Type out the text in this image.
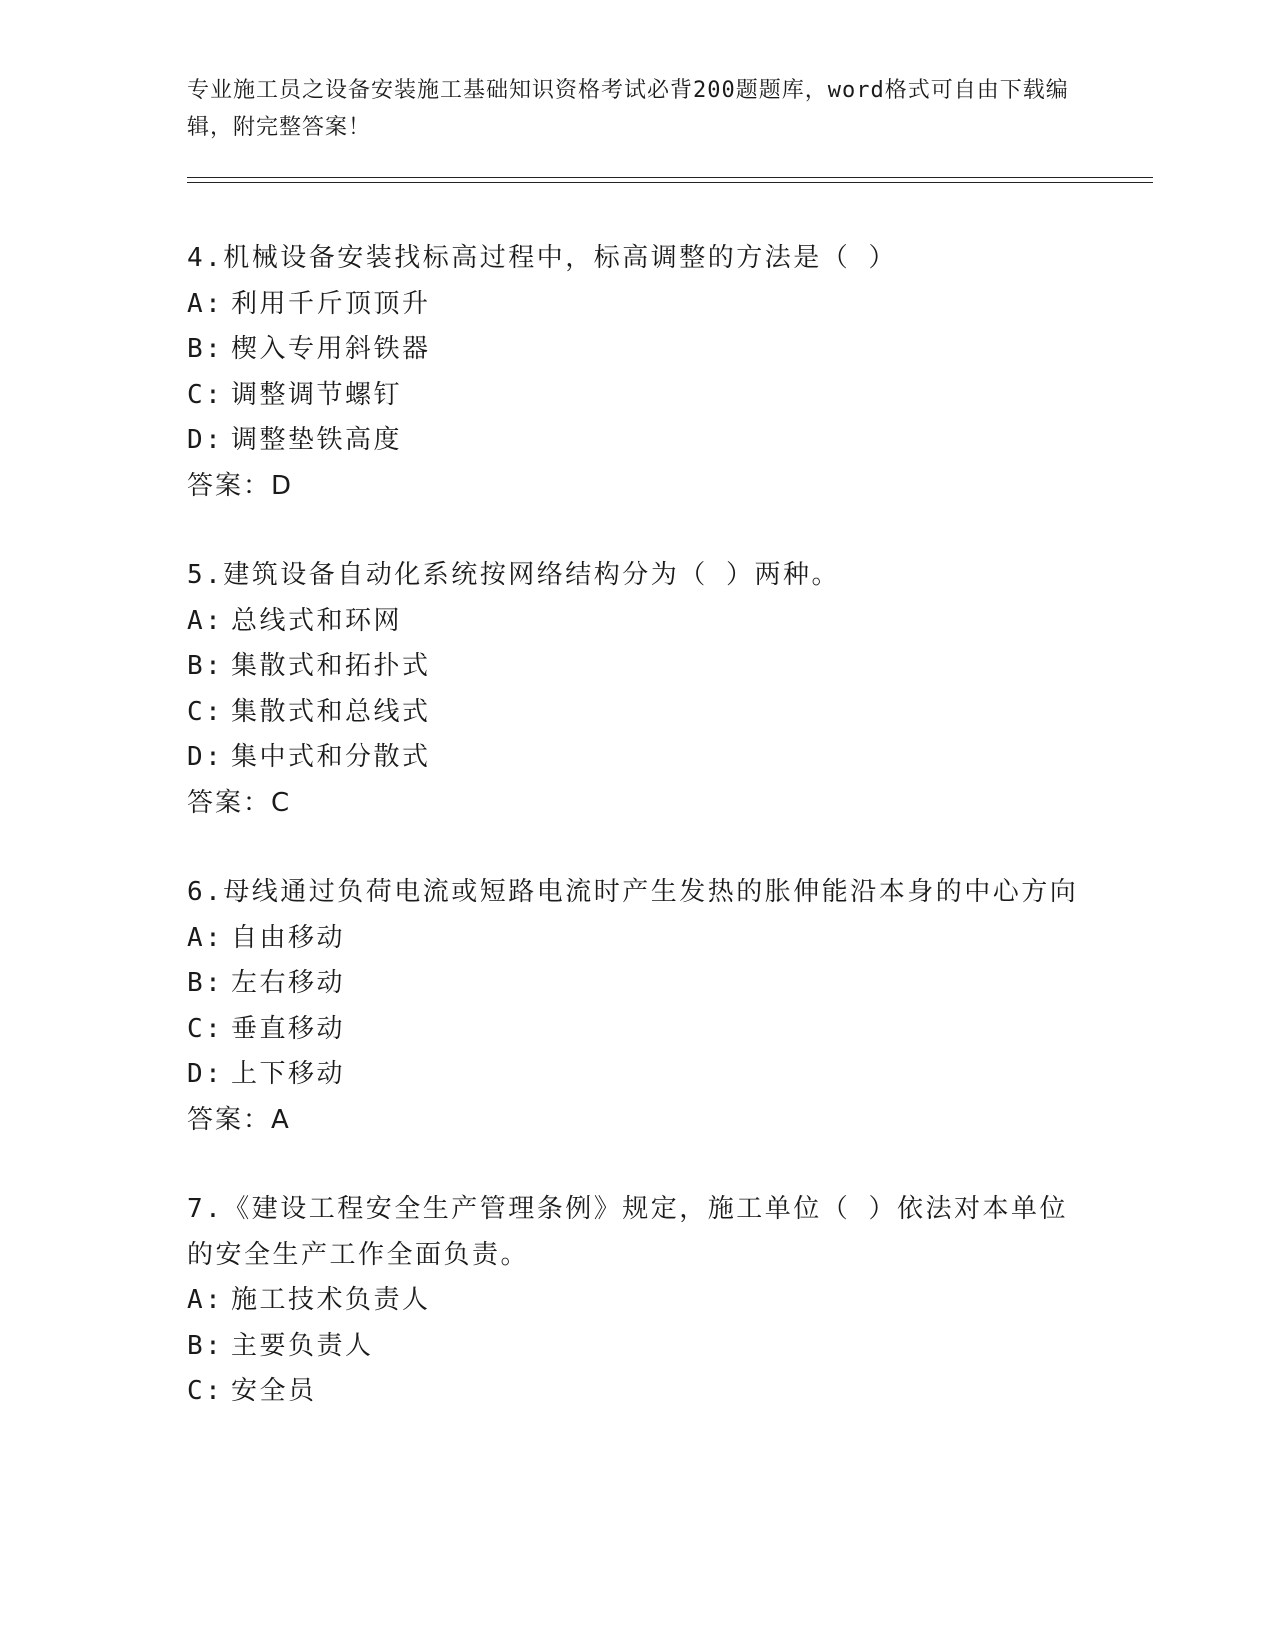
专业施工员之设备安装施工基础知识资格考试必背200题题库，word格式可自由下载编辑，附完整答案！
4.机械设备安装找标高过程中，标高调整的方法是（ ）
A: 利用千斤顶顶升
B: 楔入专用斜铁器
C: 调整调节螺钉
D: 调整垫铁高度
答案：D
5.建筑设备自动化系统按网络结构分为（ ）两种。
A: 总线式和环网
B: 集散式和拓扑式
C: 集散式和总线式
D: 集中式和分散式
答案：C
6.母线通过负荷电流或短路电流时产生发热的胀伸能沿本身的中心方向
A: 自由移动
B: 左右移动
C: 垂直移动
D: 上下移动
答案：A
7.《建设工程安全生产管理条例》规定，施工单位（ ）依法对本单位的安全生产工作全面负责。
A: 施工技术负责人
B: 主要负责人
C: 安全员
